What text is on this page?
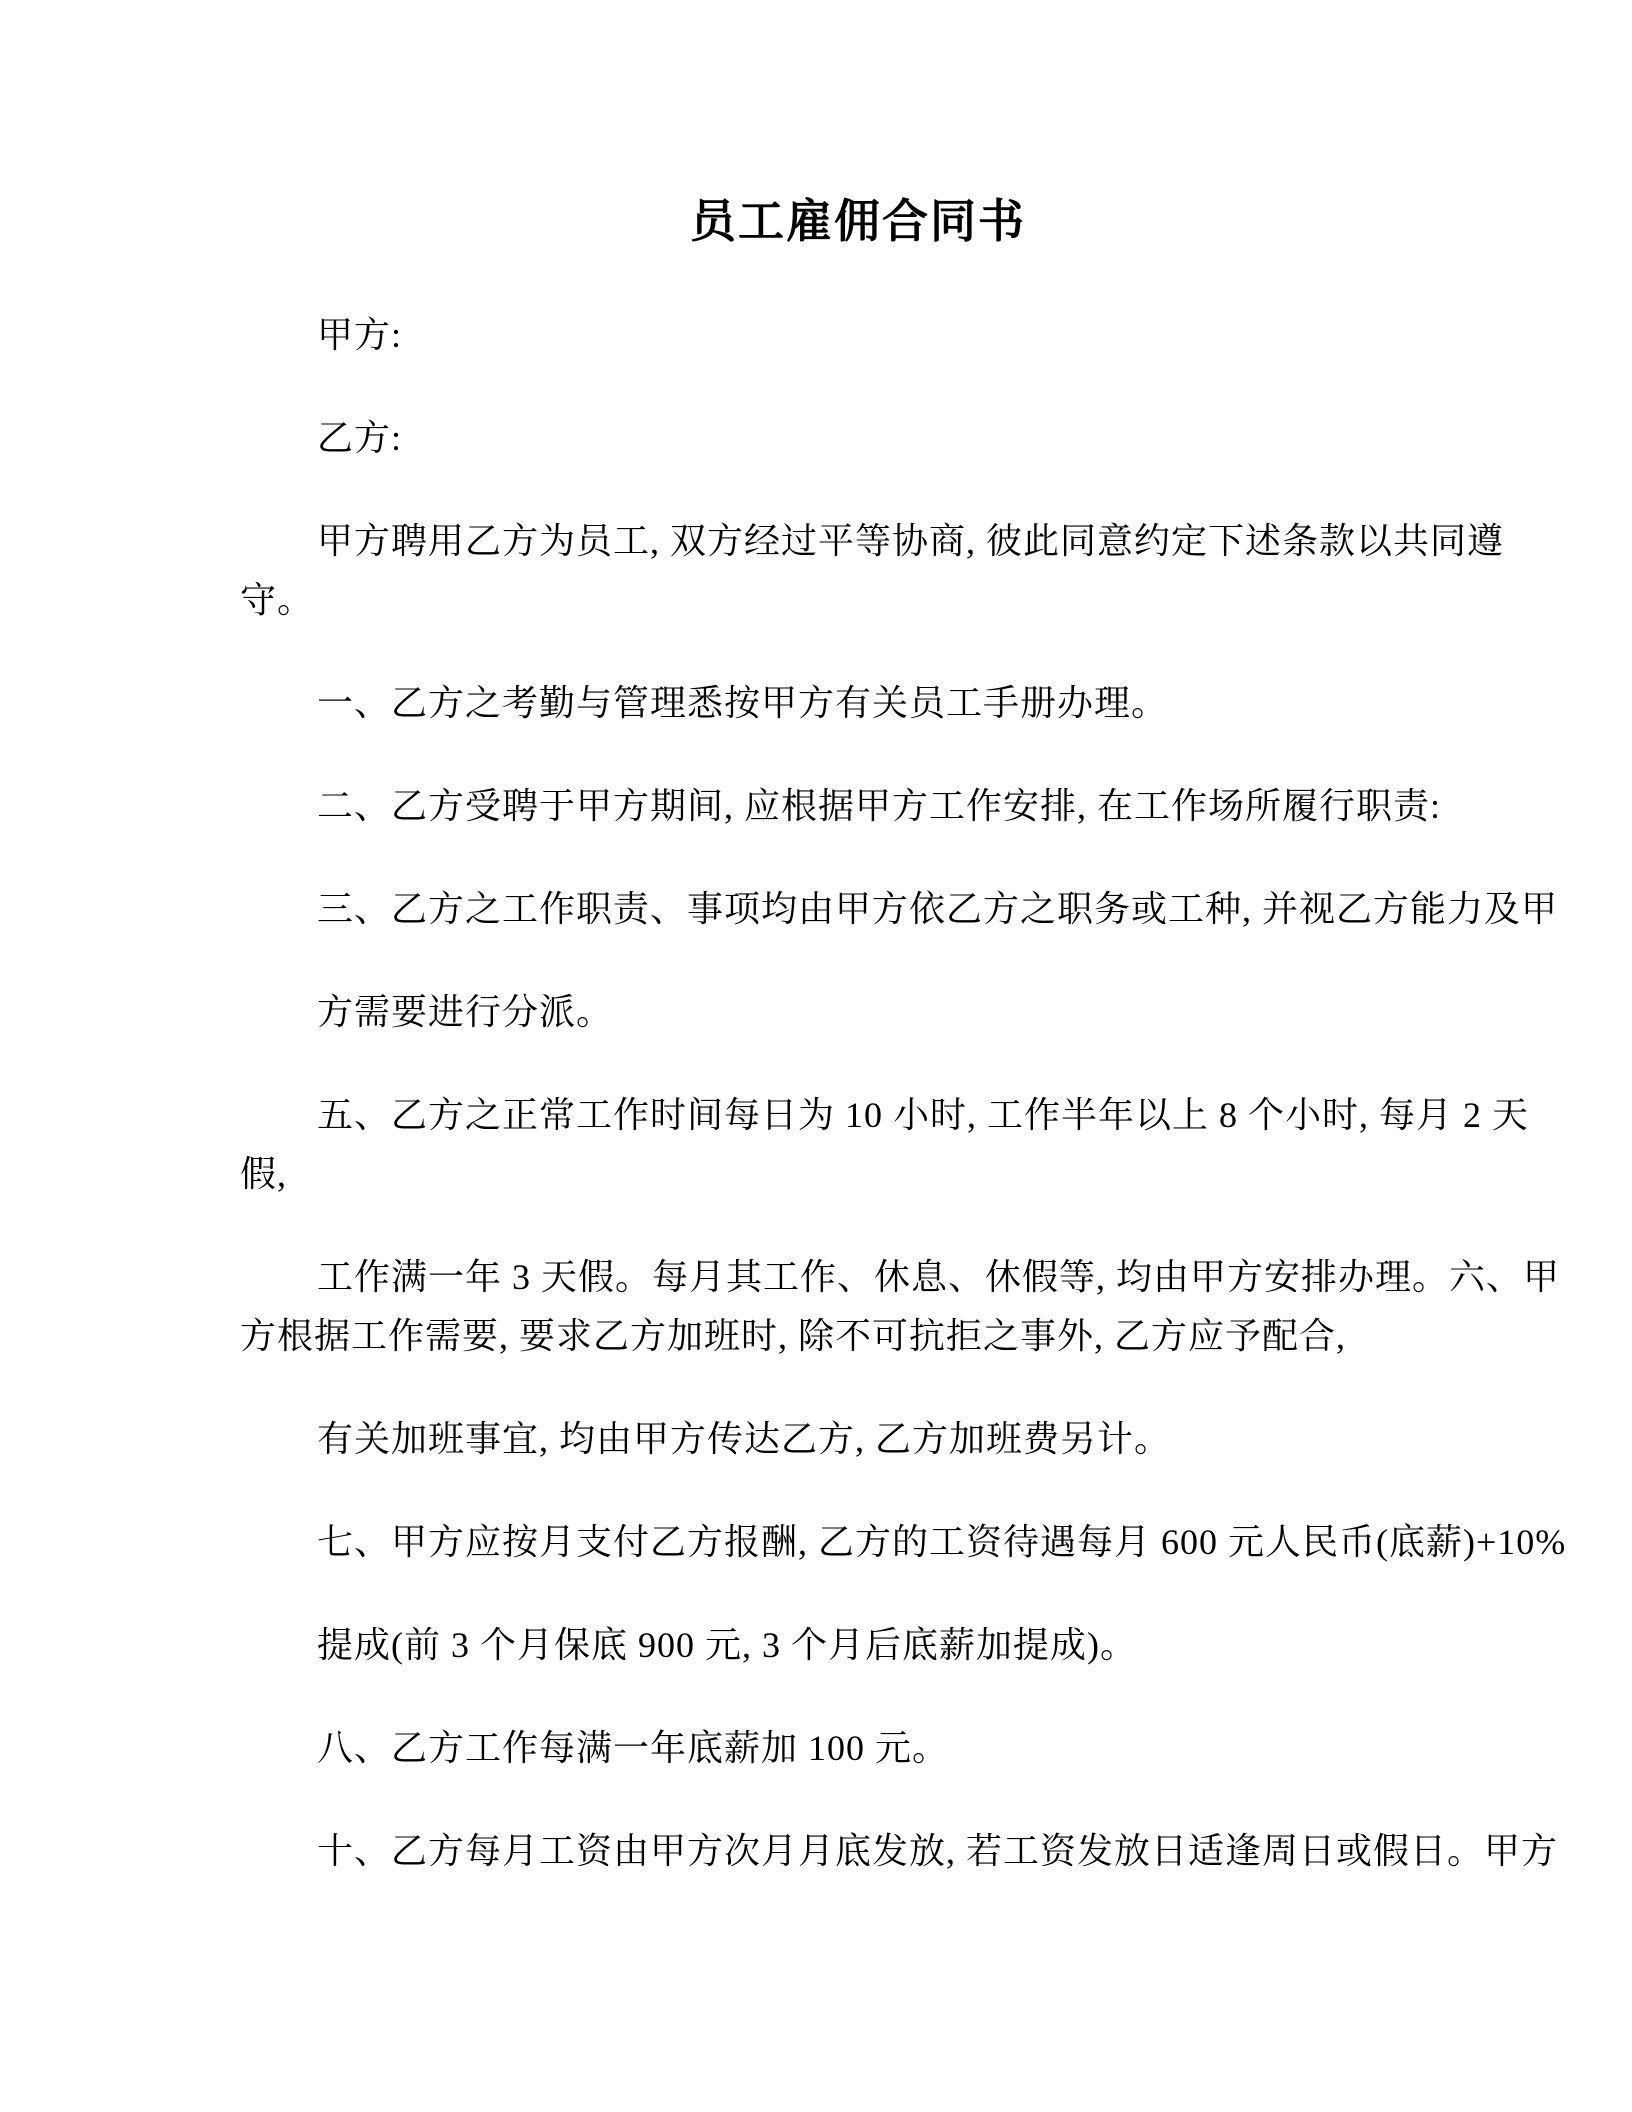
员工雇佣合同书
甲方:
乙方:
甲方聘用乙方为员工, 双方经过平等协商, 彼此同意约定下述条款以共同遵
守。
一、乙方之考勤与管理悉按甲方有关员工手册办理。
二、乙方受聘于甲方期间, 应根据甲方工作安排, 在工作场所履行职责:
三、乙方之工作职责、事项均由甲方依乙方之职务或工种, 并视乙方能力及甲
方需要进行分派。
五、乙方之正常工作时间每日为 10 小时, 工作半年以上 8 个小时, 每月 2 天
假,
工作满一年 3 天假。每月其工作、休息、休假等, 均由甲方安排办理。六、甲
方根据工作需要, 要求乙方加班时, 除不可抗拒之事外, 乙方应予配合,
有关加班事宜, 均由甲方传达乙方, 乙方加班费另计。
七、甲方应按月支付乙方报酬, 乙方的工资待遇每月 600 元人民币(底薪)+10%
提成(前 3 个月保底 900 元, 3 个月后底薪加提成)。
八、乙方工作每满一年底薪加 100 元。
十、乙方每月工资由甲方次月月底发放, 若工资发放日适逢周日或假日。甲方
